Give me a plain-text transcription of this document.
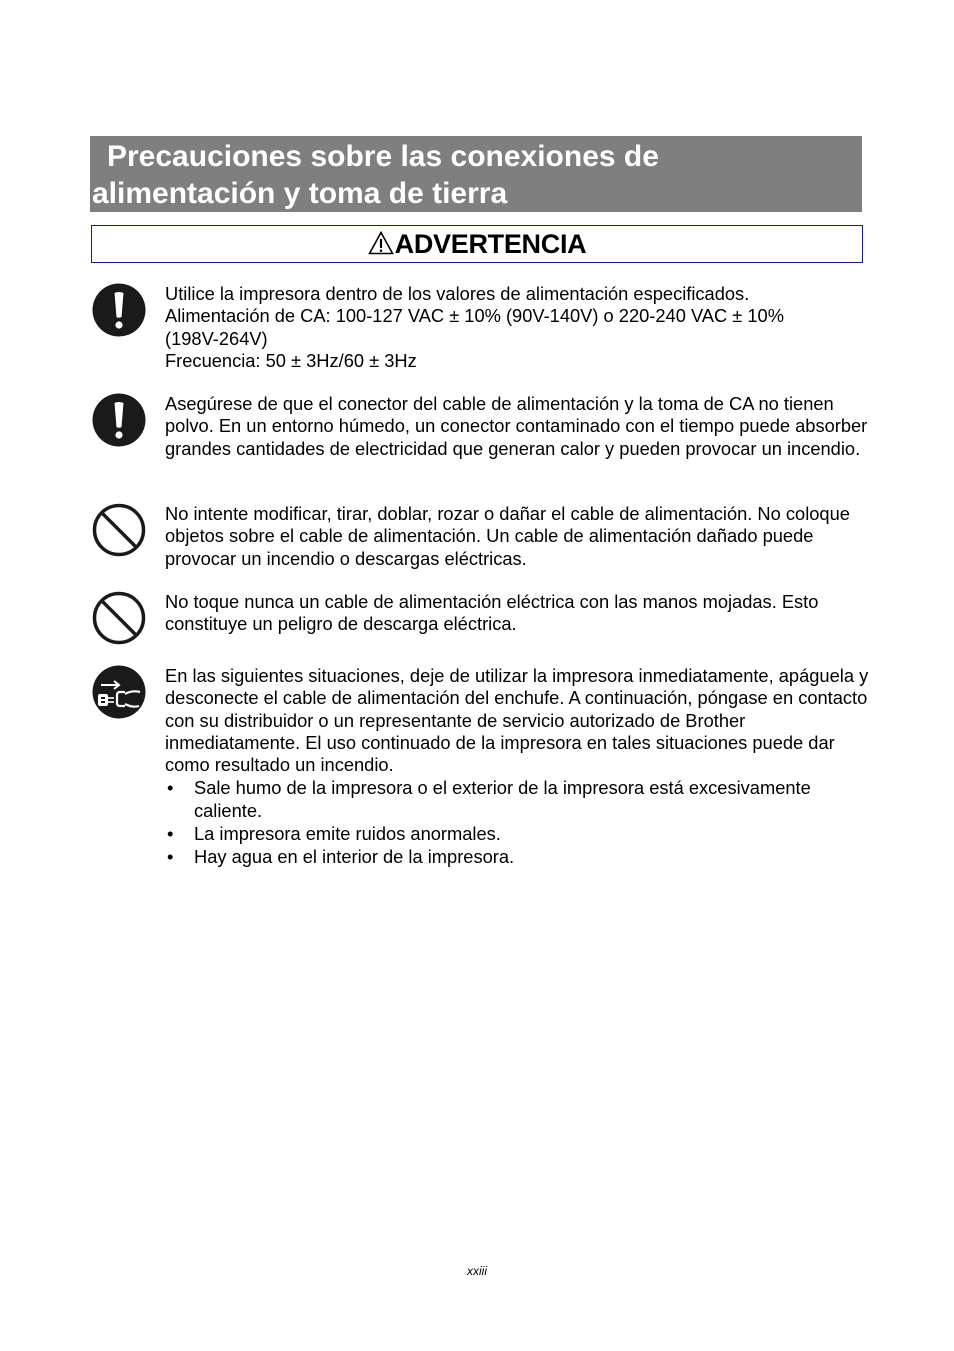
Precauciones sobre las conexiones de
alimentación y toma de tierra
ADVERTENCIA

Utilice la impresora dentro de los valores de alimentación especificados.

Alimentación de CA: 100-127 VAC ± 10% (90V-140V) o 220-240 VAC ± 10%

(198V-264V)

Frecuencia: 50 ± 3Hz/60 ± 3Hz

Asegúrese de que el conector del cable de alimentación y la toma de CA no tienen polvo. En un entorno húmedo, un conector contaminado con el tiempo puede absorber grandes cantidades de electricidad que generan calor y pueden provocar un incendio.

No intente modificar, tirar, doblar, rozar o dañar el cable de alimentación. No coloque objetos sobre el cable de alimentación. Un cable de alimentación dañado puede provocar un incendio o descargas eléctricas.

No toque nunca un cable de alimentación eléctrica con las manos mojadas. Esto constituye un peligro de descarga eléctrica.

En las siguientes situaciones, deje de utilizar la impresora inmediatamente, apáguela y desconecte el cable de alimentación del enchufe. A continuación, póngase en contacto con su distribuidor o un representante de servicio autorizado de Brother inmediatamente. El uso continuado de la impresora en tales situaciones puede dar como resultado un incendio.

• Sale humo de la impresora o el exterior de la impresora está excesivamente caliente.
• La impresora emite ruidos anormales.
• Hay agua en el interior de la impresora.
xxiii
